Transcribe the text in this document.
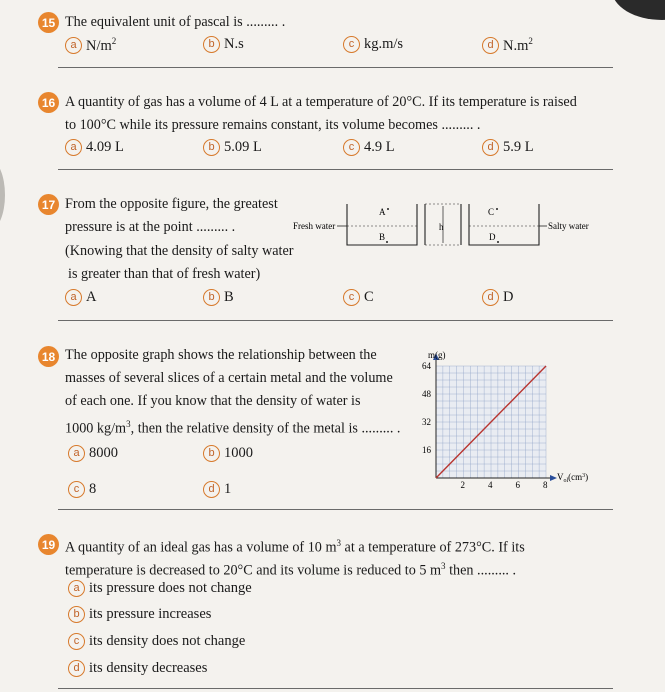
15 The equivalent unit of pascal is ......... .
a $N/m^2$	b N.s	c kg.m/s	d $N.m^2$
16 A quantity of gas has a volume of 4 L at a temperature of 20°C. If its temperature is raised
to 100°C while its pressure remains constant, its volume becomes ......... .
a 4.09 L	b 5.09 L	c 4.9 L	d 5.9 L
17 From the opposite figure, the greatest
pressure is at the point ......... .
(Knowing that the density of salty water
is greater than that of fresh water)
Fresh water
A
B
h
C
D
Salty water
a A	b B	c C	d D
18 The opposite graph shows the relationship between the
masses of several slices of a certain metal and the volume
of each one. If you know that the density of water is
1000 $kg/m^3$, then the relative density of the metal is ......... .
a 8000	b 1000
c 8	d 1
m(g)
$V_{ol}(cm^3)$
2	4	6	8
16
32
48
64
19 A quantity of an ideal gas has a volume of 10 $m^3$ at a temperature of 273°C. If its
temperature is decreased to 20°C and its volume is reduced to 5 $m^3$ then ......... .
a its pressure does not change
b its pressure increases
c its density does not change
d its density decreases
